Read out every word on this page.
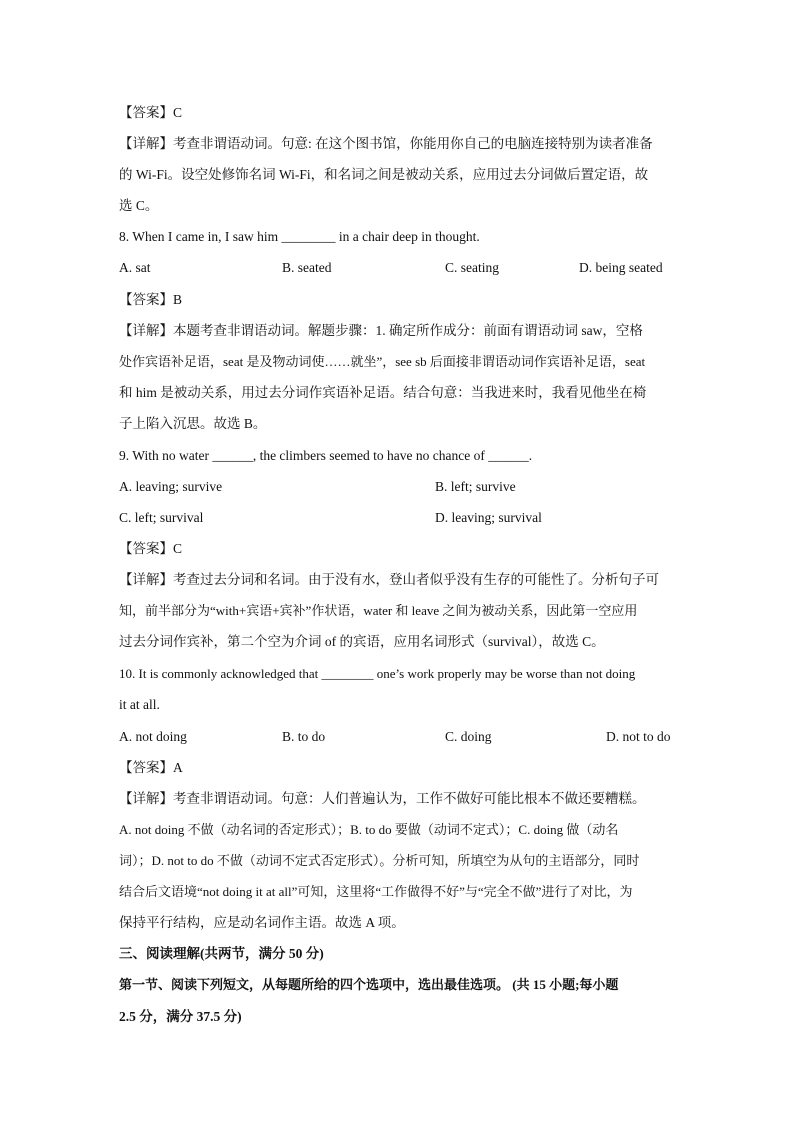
【答案】C
【详解】考查非谓语动词。句意: 在这个图书馆，你能用你自己的电脑连接特别为读者准备
的 Wi-Fi。设空处修饰名词 Wi-Fi，和名词之间是被动关系，应用过去分词做后置定语，故
选 C。
8. When I came in, I saw him ________ in a chair deep in thought.
A. sat	B. seated	C. seating	D. being seated
【答案】B
【详解】本题考查非谓语动词。解题步骤：1. 确定所作成分：前面有谓语动词 saw，空格
处作宾语补足语，seat 是及物动词使……就坐”，see sb 后面接非谓语动词作宾语补足语，seat
和 him 是被动关系，用过去分词作宾语补足语。结合句意：当我进来时，我看见他坐在椅
子上陷入沉思。故选 B。
9. With no water ______, the climbers seemed to have no chance of ______.
A. leaving; survive	B. left; survive
C. left; survival	D. leaving; survival
【答案】C
【详解】考查过去分词和名词。由于没有水，登山者似乎没有生存的可能性了。分析句子可
知，前半部分为“with+宾语+宾补”作状语，water 和 leave 之间为被动关系，因此第一空应用
过去分词作宾补，第二个空为介词 of 的宾语，应用名词形式（survival），故选 C。
10. It is commonly acknowledged that ________ one’s work properly may be worse than not doing
it at all.
A. not doing	B. to do	C. doing	D. not to do
【答案】A
【详解】考查非谓语动词。句意：人们普遍认为，工作不做好可能比根本不做还要糟糕。
A. not doing 不做（动名词的否定形式）；B. to do 要做（动词不定式）；C. doing 做（动名
词）；D. not to do 不做（动词不定式否定形式）。分析可知，所填空为从句的主语部分，同时
结合后文语境“not doing it at all”可知，这里将“工作做得不好”与“完全不做”进行了对比，为
保持平行结构，应是动名词作主语。故选 A 项。
三、阅读理解(共两节，满分 50 分)
第一节、阅读下列短文，从每题所给的四个选项中，选出最佳选项。 (共 15 小题;每小题
2.5 分，满分 37.5 分)
